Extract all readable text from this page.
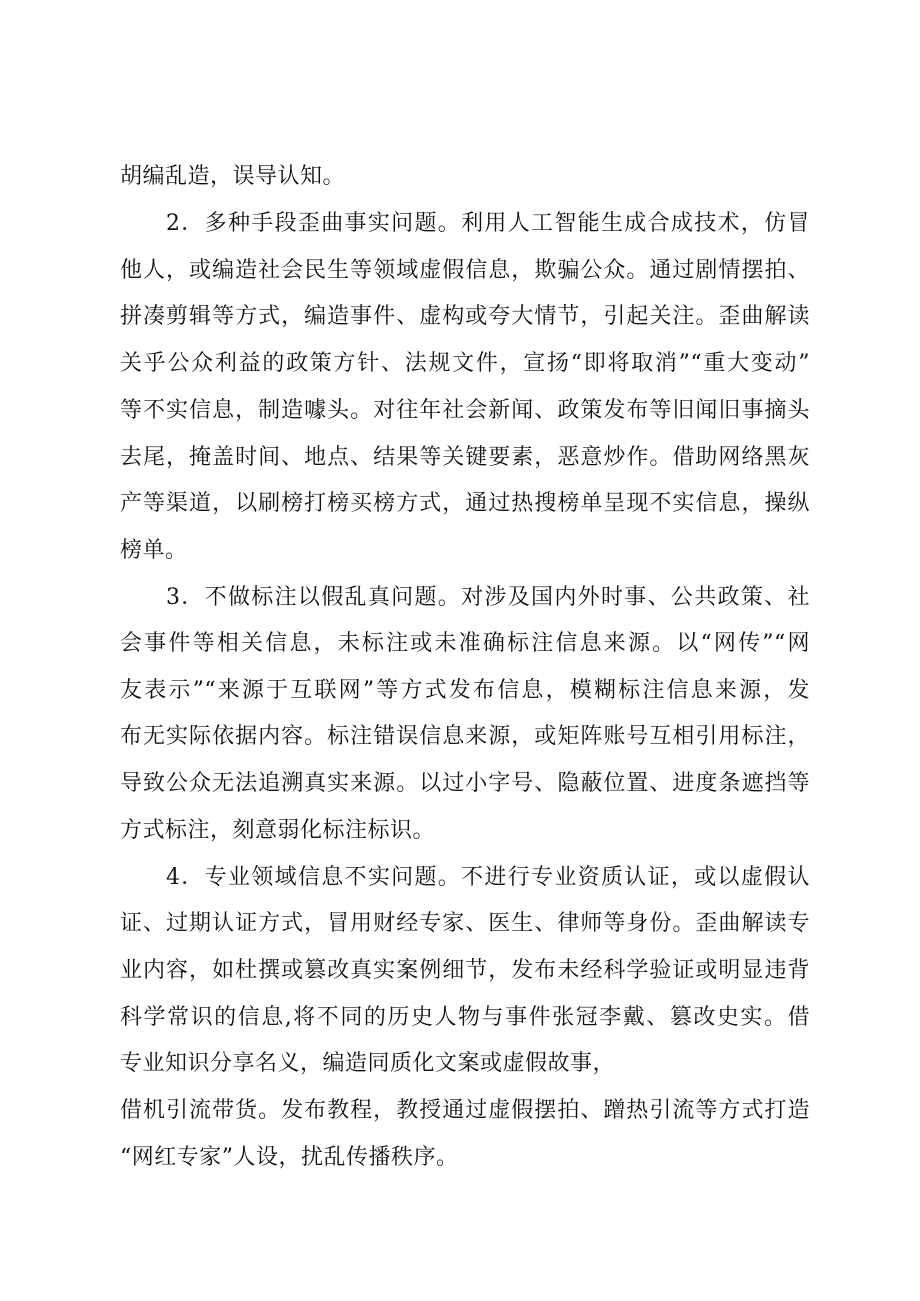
胡编乱造，误导认知。
2．多种手段歪曲事实问题。利用人工智能生成合成技术，仿冒
他人，或编造社会民生等领域虚假信息，欺骗公众。通过剧情摆拍、
拼凑剪辑等方式，编造事件、虚构或夸大情节，引起关注。歪曲解读
关乎公众利益的政策方针、法规文件，宣扬“即将取消”“重大变动”
等不实信息，制造噱头。对往年社会新闻、政策发布等旧闻旧事摘头
去尾，掩盖时间、地点、结果等关键要素，恶意炒作。借助网络黑灰
产等渠道，以刷榜打榜买榜方式，通过热搜榜单呈现不实信息，操纵
榜单。
3．不做标注以假乱真问题。对涉及国内外时事、公共政策、社
会事件等相关信息，未标注或未准确标注信息来源。以“网传”“网
友表示”“来源于互联网”等方式发布信息，模糊标注信息来源，发
布无实际依据内容。标注错误信息来源，或矩阵账号互相引用标注，
导致公众无法追溯真实来源。以过小字号、隐蔽位置、进度条遮挡等
方式标注，刻意弱化标注标识。
4．专业领域信息不实问题。不进行专业资质认证，或以虚假认
证、过期认证方式，冒用财经专家、医生、律师等身份。歪曲解读专
业内容，如杜撰或篡改真实案例细节，发布未经科学验证或明显违背
科学常识的信息,将不同的历史人物与事件张冠李戴、篡改史实。借
专业知识分享名义，编造同质化文案或虚假故事，
借机引流带货。发布教程，教授通过虚假摆拍、蹭热引流等方式打造
“网红专家”人设，扰乱传播秩序。
